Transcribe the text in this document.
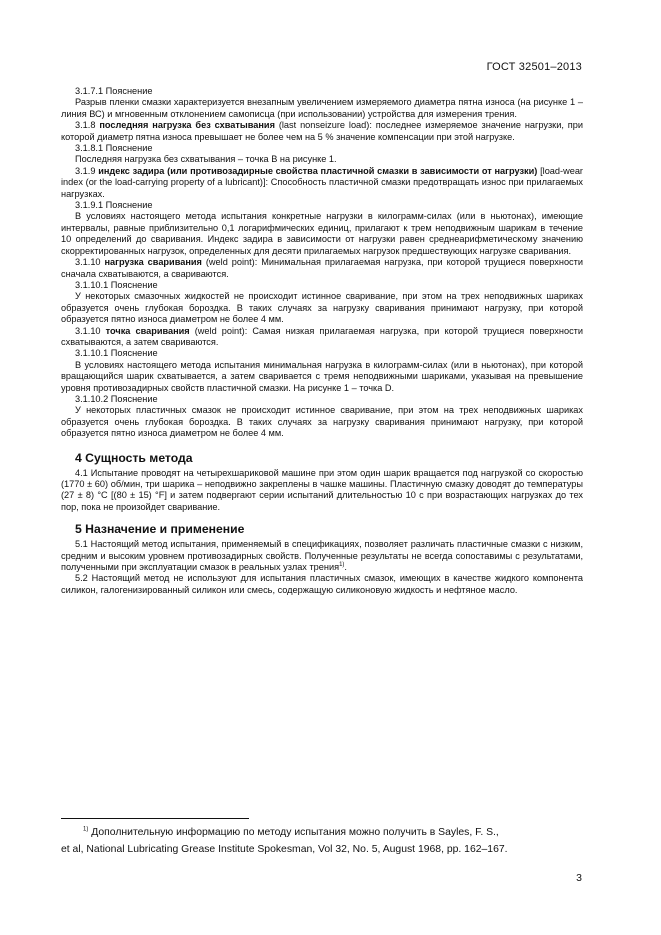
ГОСТ 32501–2013

3.1.7.1 Пояснение

Разрыв пленки смазки характеризуется внезапным увеличением измеряемого диаметра пятна износа (на рисунке 1 – линия ВС) и мгновенным отклонением самописца (при использовании) устройства для измерения трения.

3.1.8 последняя нагрузка без схватывания (last nonseizure load): последнее измеряемое значение нагрузки, при которой диаметр пятна износа превышает не более чем на 5 % значение компенсации при этой нагрузке.

3.1.8.1 Пояснение

Последняя нагрузка без схватывания – точка В на рисунке 1.

3.1.9 индекс задира (или противозадирные свойства пластичной смазки в зависимости от нагрузки) [load-wear index (or the load-carrying property of a lubricant)]: Способность пластичной смазки предотвращать износ при прилагаемых нагрузках.

3.1.9.1 Пояснение

В условиях настоящего метода испытания конкретные нагрузки в килограмм-силах (или в ньютонах), имеющие интервалы, равные приблизительно 0,1 логарифмических единиц, прилагают к трем неподвижным шарикам в течение 10 определений до сваривания. Индекс задира в зависимости от нагрузки равен среднеарифметическому значению скорректированных нагрузок, определенных для десяти прилагаемых нагрузок предшествующих нагрузке сваривания.

3.1.10 нагрузка сваривания (weld point): Минимальная прилагаемая нагрузка, при которой трущиеся поверхности сначала схватываются, а свариваются.

3.1.10.1 Пояснение

У некоторых смазочных жидкостей не происходит истинное сваривание, при этом на трех неподвижных шариках образуется очень глубокая бороздка. В таких случаях за нагрузку сваривания принимают нагрузку, при которой образуется пятно износа диаметром не более 4 мм.

3.1.10 точка сваривания (weld point): Самая низкая прилагаемая нагрузка, при которой трущиеся поверхности схватываются, а затем свариваются.

3.1.10.1 Пояснение

В условиях настоящего метода испытания минимальная нагрузка в килограмм-силах (или в ньютонах), при которой вращающийся шарик схватывается, а затем сваривается с тремя неподвижными шариками, указывая на превышение уровня противозадирных свойств пластичной смазки. На рисунке 1 – точка D.

3.1.10.2 Пояснение

У некоторых пластичных смазок не происходит истинное сваривание, при этом на трех неподвижных шариках образуется очень глубокая бороздка. В таких случаях за нагрузку сваривания принимают нагрузку, при которой образуется пятно износа диаметром не более 4 мм.

4 Сущность метода

4.1 Испытание проводят на четырехшариковой машине при этом один шарик вращается под нагрузкой со скоростью (1770 ± 60) об/мин, три шарика – неподвижно закреплены в чашке машины. Пластичную смазку доводят до температуры (27 ± 8) °С [(80 ± 15) °F] и затем подвергают серии испытаний длительностью 10 с при возрастающих нагрузках до тех пор, пока не произойдет сваривание.

5 Назначение и применение

5.1 Настоящий метод испытания, применяемый в спецификациях, позволяет различать пластичные смазки с низким, средним и высоким уровнем противозадирных свойств. Полученные результаты не всегда сопоставимы с результатами, полученными при эксплуатации смазок в реальных узлах трения$^{1)}$.

5.2 Настоящий метод не используют для испытания пластичных смазок, имеющих в качестве жидкого компонента силикон, галогенизированный силикон или смесь, содержащую силиконовую жидкость и нефтяное масло.

$^{1)}$ Дополнительную информацию по методу испытания можно получить в Sayles, F. S.,

et al, National Lubricating Grease Institute Spokesman, Vol 32, No. 5, August 1968, pp. 162–167.

3
